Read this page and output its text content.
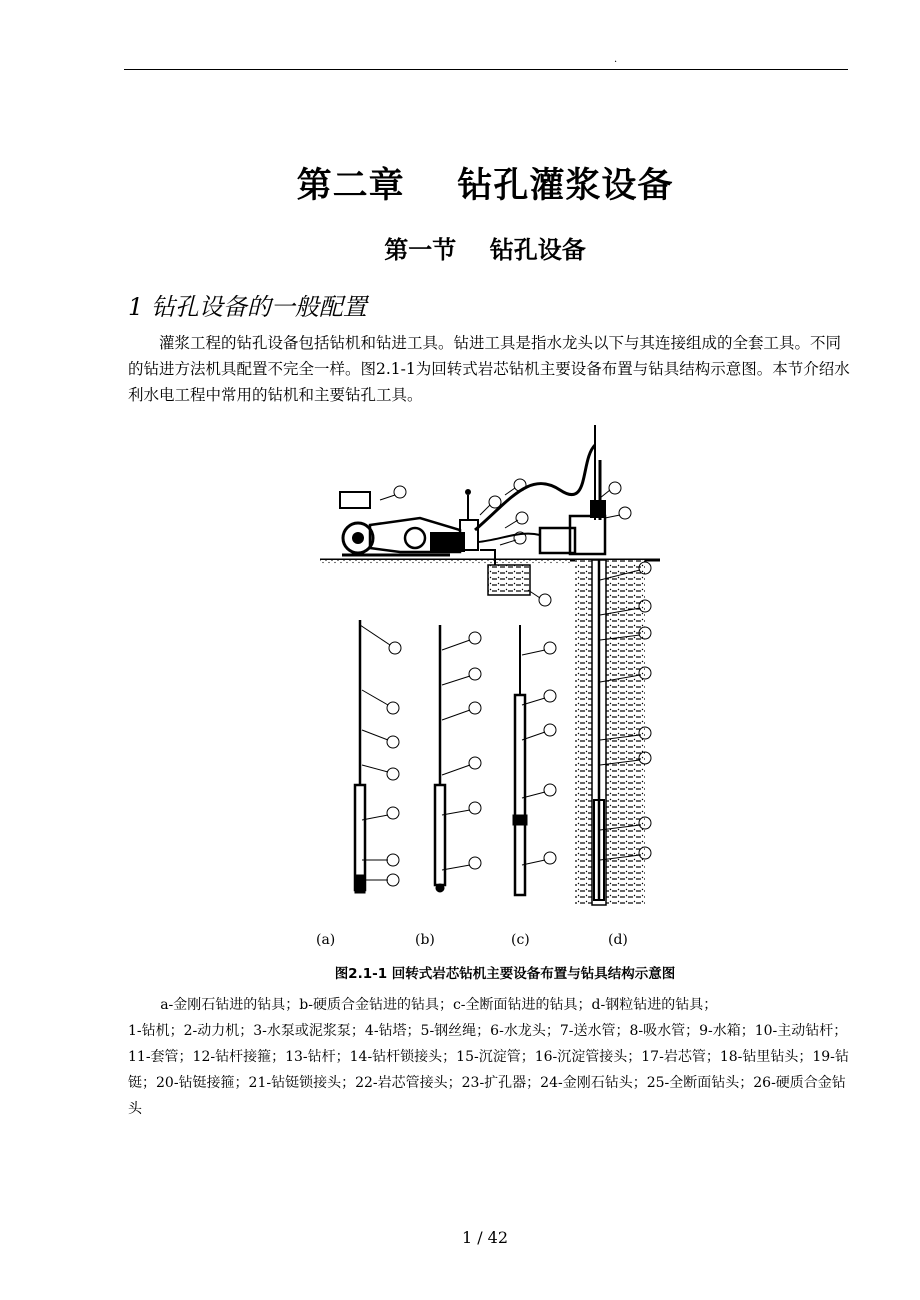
.
第二章    钻孔灌浆设备
第一节    钻孔设备
1 钻孔设备的一般配置

灌浆工程的钻孔设备包括钻机和钻进工具。钻进工具是指水龙头以下与其连接组成的全套工具。不同的钻进方法机具配置不完全一样。图2.1-1为回转式岩芯钻机主要设备布置与钻具结构示意图。本节介绍水利水电工程中常用的钻机和主要钻孔工具。

(a)	(b)	(c)	(d)
图2.1-1 回转式岩芯钻机主要设备布置与钻具结构示意图
a-金刚石钻进的钻具；b-硬质合金钻进的钻具；c-全断面钻进的钻具；d-钢粒钻进的钻具；
1-钻机；2-动力机；3-水泵或泥浆泵；4-钻塔；5-钢丝绳；6-水龙头；7-送水管；8-吸水管；9-水箱；10-主动钻杆；11-套管；12-钻杆接箍；13-钻杆；14-钻杆锁接头；15-沉淀管；16-沉淀管接头；17-岩芯管；18-钻里钻头；19-钻铤；20-钻铤接箍；21-钻铤锁接头；22-岩芯管接头；23-扩孔器；24-金刚石钻头；25-全断面钻头；26-硬质合金钻头
1 / 42
